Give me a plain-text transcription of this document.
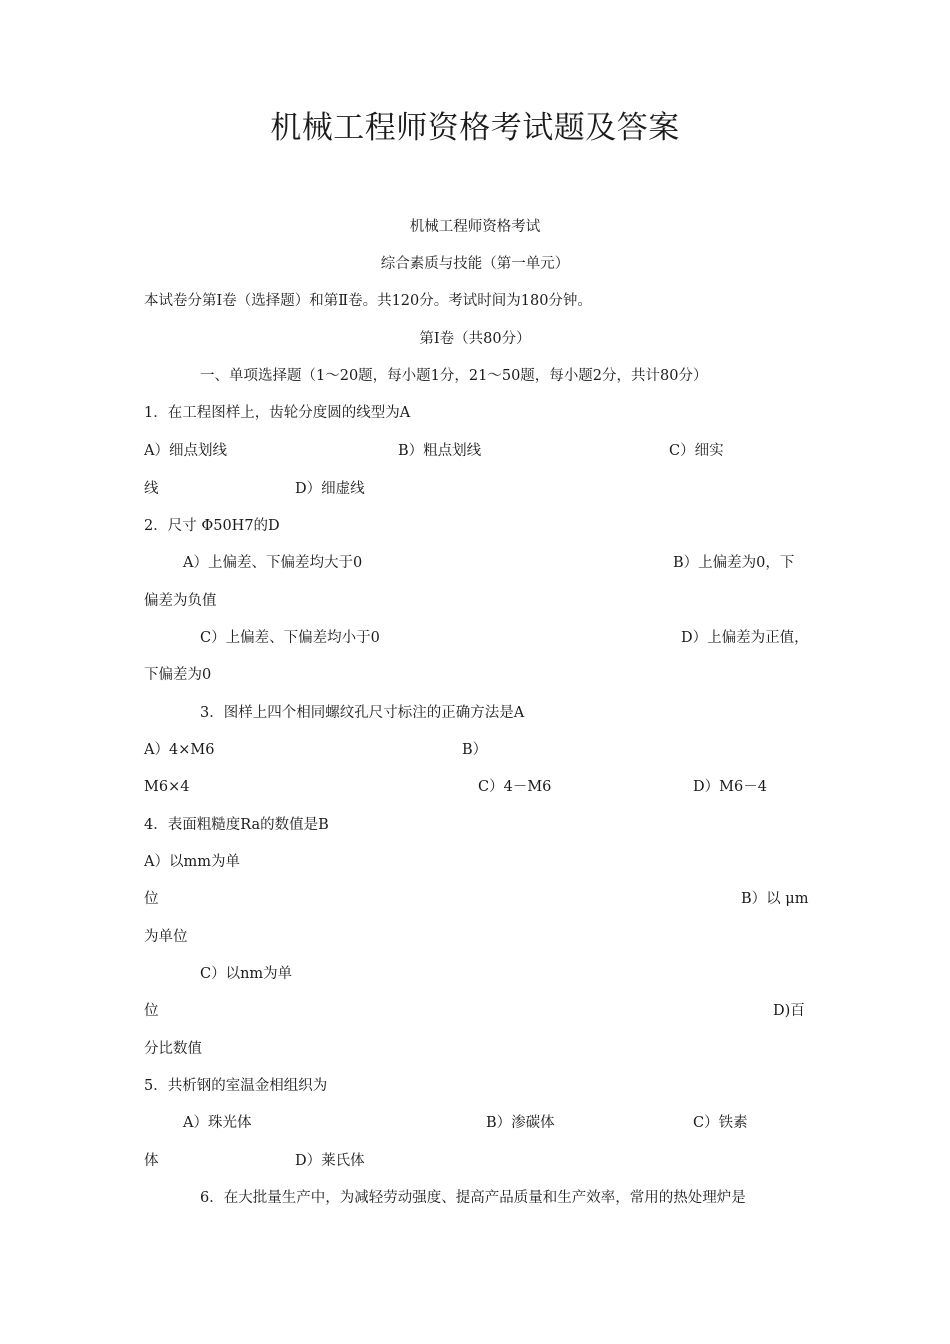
机械工程师资格考试题及答案
机械工程师资格考试
综合素质与技能（第一单元）
本试卷分第Ⅰ卷（选择题）和第Ⅱ卷。共120分。考试时间为180分钟。
第Ⅰ卷（共80分）
一、单项选择题（1～20题，每小题1分，21～50题，每小题2分，共计80分）
1．在工程图样上，齿轮分度圆的线型为A
A）细点划线	B）粗点划线	C）细实
线	D）细虚线
2．尺寸 Φ50H7的D
A）上偏差、下偏差均大于0	B）上偏差为0，下
偏差为负值
C）上偏差、下偏差均小于0	D）上偏差为正值，
下偏差为0
3．图样上四个相同螺纹孔尺寸标注的正确方法是A
A）4×M6	B）
M6×4	C）4－M6	D）M6－4
4．表面粗糙度Ra的数值是B
A）以mm为单
位	B）以 μm
为单位
C）以nm为单
位	D)百
分比数值
5．共析钢的室温金相组织为
A）珠光体	B）渗碳体	C）铁素
体	D）莱氏体
6．在大批量生产中，为减轻劳动强度、提高产品质量和生产效率，常用的热处理炉是
